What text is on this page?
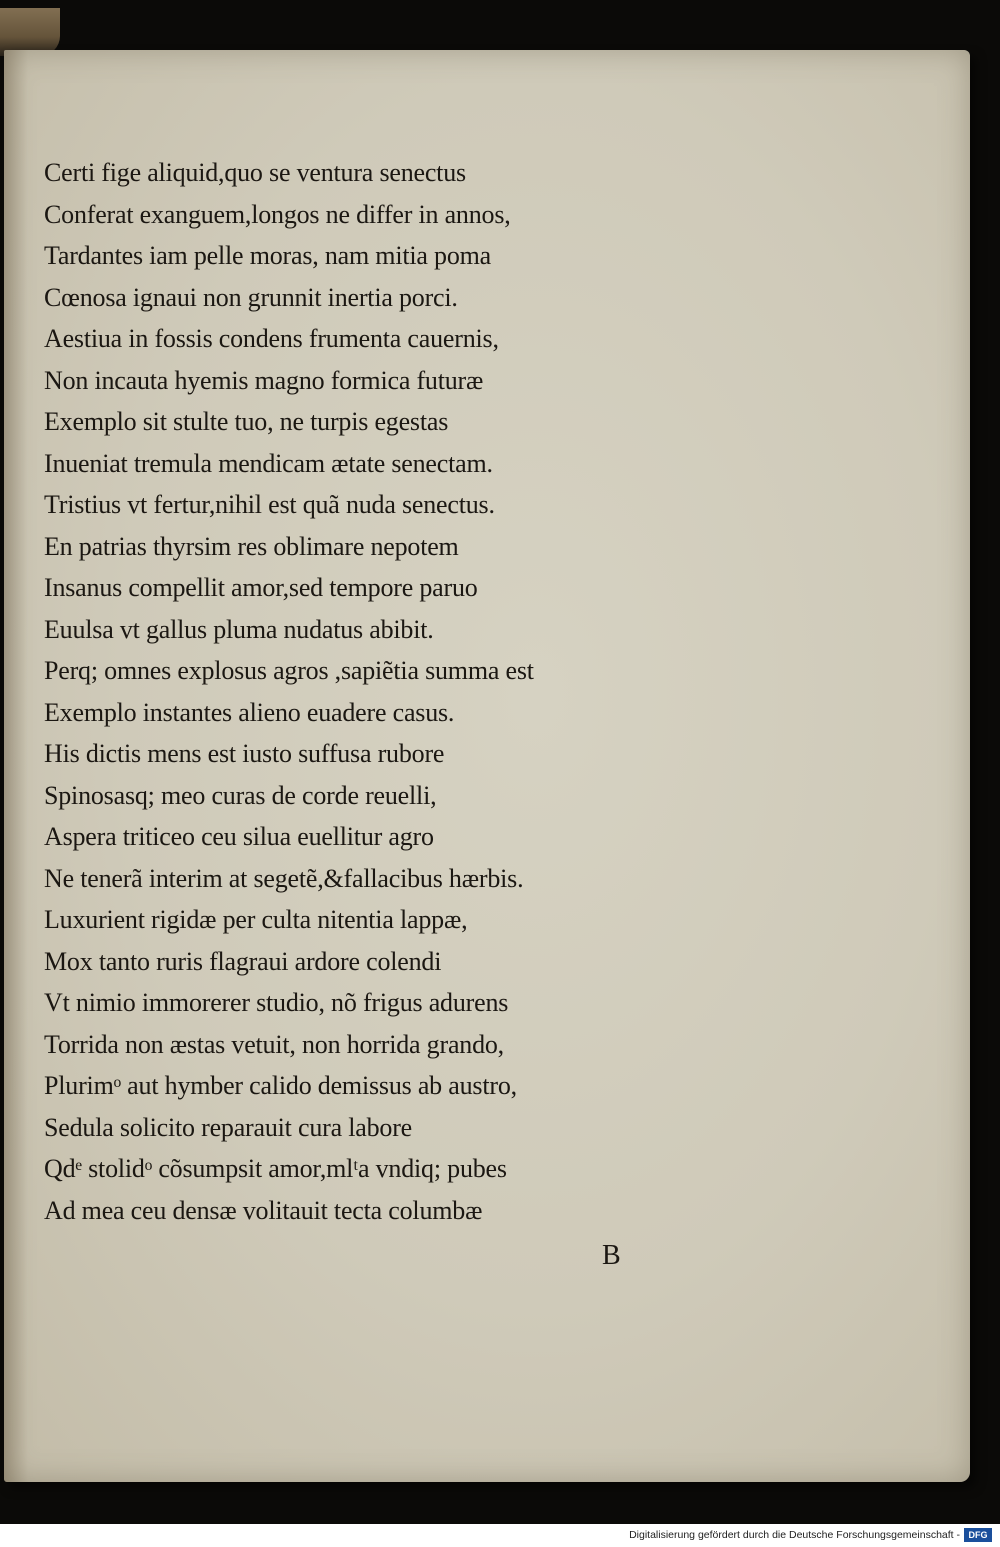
Certi fige aliquid,quo se ventura senectus
Conferat exanguem,longos ne differ in annos,
Tardantes iam pelle moras, nam mitia poma
Cœnosa ignaui non grunnit inertia porci.
Aestiua in fossis condens frumenta cauernis,
Non incauta hyemis magno formica futuræ
Exemplo sit stulte tuo, ne turpis egestas
Inueniat tremula mendicam ætate senectam.
Tristius vt fertur,nihil est quã nuda senectus.
En patrias thyrsim res oblimare nepotem
Insanus compellit amor,sed tempore paruo
Euulsa vt gallus pluma nudatus abibit.
Perq; omnes explosus agros ,sapiẽtia summa est
Exemplo instantes alieno euadere casus.
His dictis mens est iusto suffusa rubore
Spinosasq; meo curas de corde reuelli,
Aspera triticeo ceu silua euellitur agro
Ne tenerã interim at segetẽ,&fallacibus hærbis.
Luxurient rigidæ per culta nitentia lappæ,
Mox tanto ruris flagraui ardore colendi
Vt nimio immorerer studio, nõ frigus adurens
Torrida non æstas vetuit, non horrida grando,
Plurimᵒ aut hymber calido demissus ab austro,
Sedula solicito reparauit cura labore
Qdᵉ stolidᵒ cõsumpsit amor,mlᵗa vndiq; pubes
Ad mea ceu densæ volitauit tecta columbæ
B
Digitalisierung gefördert durch die Deutsche Forschungsgemeinschaft - DFG
